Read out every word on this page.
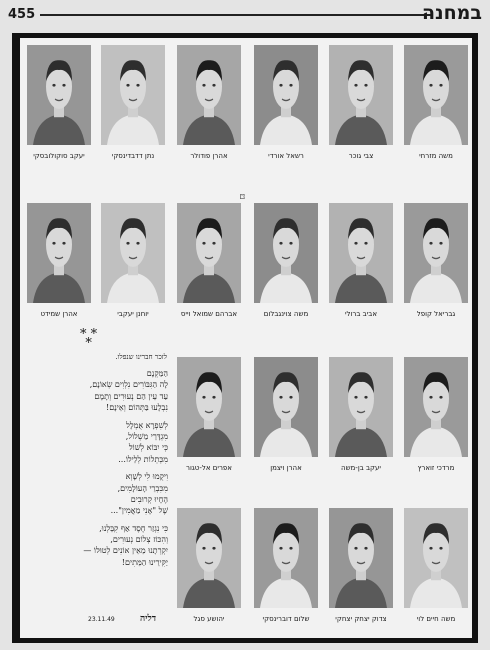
455	במחנה
⌑
* *
*
לזכר חברינו שנפלו.
הַמַּקְנָם
לָה הַגִּבּוֹרִים נִלְוִים שְׂאוֹנָם,
עַד עֵין הַם נְעוּרִים וְתָמָם
נִבְלָעוּ בַּתְּהוֹם וְאֵינָם!
לְשִׁפְרָא אֻמְלָל
מִגְדָּרֵי מַשְׁלוֹל,
כְּי יִבּוֹא לְשׁוֹל
מִכְּתְלוֹת לְלֵילוֹ...
וִיקֻמוּ לִי לְשָׁוְא
מִכִּבְרֵי הָעוֹלָמִים,
הֶחָיוּ קְרוּבִים
שֶׁל "אָנִי מַאֲמִין"...
כִּי נִגְזַר חֶסֶד אַף קִבֵּלְנוּ,
וְהִכּוֹז צְלוֹם נְעוּרִים,
יִקְרְתָנוּ מֵאֵין אוֹנִים לְטוּלוֹ —
יַקִּירֵינוּ הַמֵּתִים!
דליה
23.11.49
משה מזרחי
צבי גוכר
רשאל אורדי
אהרן פודולר
נתן דדבדינסקי
יעקב סוקולובסקי
גבריאל קופל
אביב ברולי
משה צוינגבלום
אברהם שמואל וייס
יוחנן יעקבי
אהרן שמידט
מרדכי זוארץ
יעקב בן-משה
אהרן ויצמן
אפרים אל-טגור
משה חיים לוי
צדוק יצחק יצחקי
שלום דוברינסקי
יהושע סגל
